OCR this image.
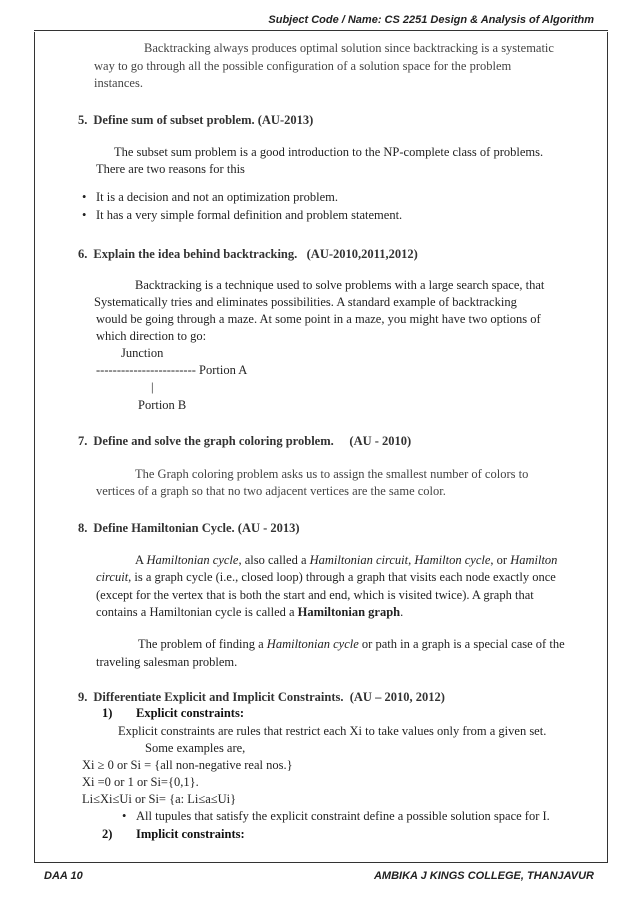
Subject Code / Name: CS 2251 Design & Analysis of Algorithm
Backtracking always produces optimal solution since backtracking is a systematic
way to go through all the possible configuration of a solution space for the problem
instances.
5. Define sum of subset problem. (AU-2013)
The subset sum problem is a good introduction to the NP-complete class of problems.
There are two reasons for this
• It is a decision and not an optimization problem.
• It has a very simple formal definition and problem statement.
6. Explain the idea behind backtracking. (AU-2010,2011,2012)
Backtracking is a technique used to solve problems with a large search space, that
Systematically tries and eliminates possibilities. A standard example of backtracking
would be going through a maze. At some point in a maze, you might have two options of
which direction to go:
Junction
------------------------ Portion A
|
Portion B
7. Define and solve the graph coloring problem. (AU - 2010)
The Graph coloring problem asks us to assign the smallest number of colors to
vertices of a graph so that no two adjacent vertices are the same color.
8. Define Hamiltonian Cycle. (AU - 2013)
A Hamiltonian cycle, also called a Hamiltonian circuit, Hamilton cycle, or Hamilton
circuit, is a graph cycle (i.e., closed loop) through a graph that visits each node exactly once
(except for the vertex that is both the start and end, which is visited twice). A graph that
contains a Hamiltonian cycle is called a Hamiltonian graph.
The problem of finding a Hamiltonian cycle or path in a graph is a special case of the
traveling salesman problem.
9. Differentiate Explicit and Implicit Constraints. (AU – 2010, 2012)
1) Explicit constraints:
Explicit constraints are rules that restrict each Xi to take values only from a given set.
Some examples are,
Xi ≥ 0 or Si = {all non-negative real nos.}
Xi =0 or 1 or Si={0,1}.
Li≤Xi≤Ui or Si= {a: Li≤a≤Ui}
• All tupules that satisfy the explicit constraint define a possible solution space for I.
2) Implicit constraints:
DAA 10	AMBIKA J KINGS COLLEGE, THANJAVUR
